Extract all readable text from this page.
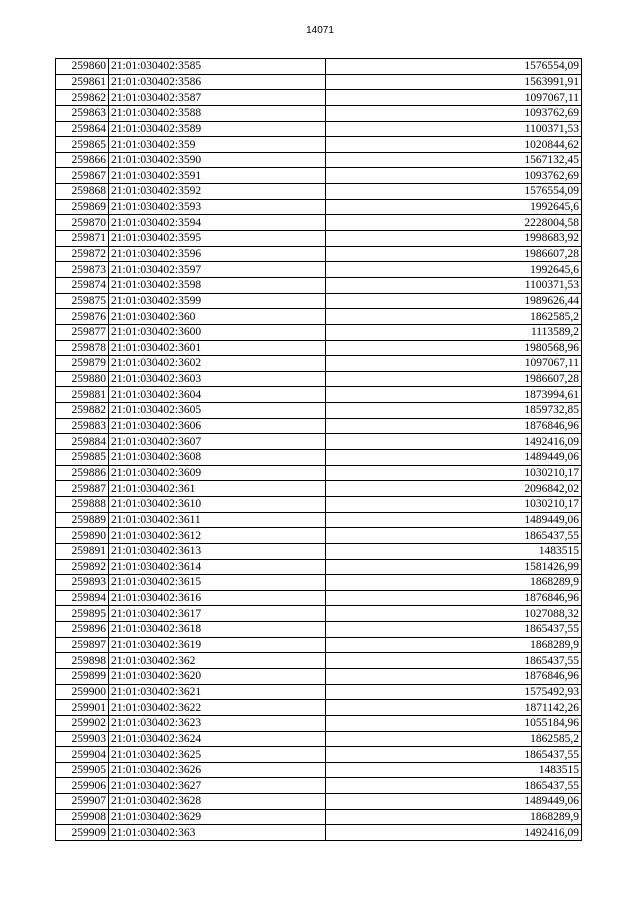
14071
259860	21:01:030402:3585	1576554,09
259861	21:01:030402:3586	1563991,91
259862	21:01:030402:3587	1097067,11
259863	21:01:030402:3588	1093762,69
259864	21:01:030402:3589	1100371,53
259865	21:01:030402:359	1020844,62
259866	21:01:030402:3590	1567132,45
259867	21:01:030402:3591	1093762,69
259868	21:01:030402:3592	1576554,09
259869	21:01:030402:3593	1992645,6
259870	21:01:030402:3594	2228004,58
259871	21:01:030402:3595	1998683,92
259872	21:01:030402:3596	1986607,28
259873	21:01:030402:3597	1992645,6
259874	21:01:030402:3598	1100371,53
259875	21:01:030402:3599	1989626,44
259876	21:01:030402:360	1862585,2
259877	21:01:030402:3600	1113589,2
259878	21:01:030402:3601	1980568,96
259879	21:01:030402:3602	1097067,11
259880	21:01:030402:3603	1986607,28
259881	21:01:030402:3604	1873994,61
259882	21:01:030402:3605	1859732,85
259883	21:01:030402:3606	1876846,96
259884	21:01:030402:3607	1492416,09
259885	21:01:030402:3608	1489449,06
259886	21:01:030402:3609	1030210,17
259887	21:01:030402:361	2096842,02
259888	21:01:030402:3610	1030210,17
259889	21:01:030402:3611	1489449,06
259890	21:01:030402:3612	1865437,55
259891	21:01:030402:3613	1483515
259892	21:01:030402:3614	1581426,99
259893	21:01:030402:3615	1868289,9
259894	21:01:030402:3616	1876846,96
259895	21:01:030402:3617	1027088,32
259896	21:01:030402:3618	1865437,55
259897	21:01:030402:3619	1868289,9
259898	21:01:030402:362	1865437,55
259899	21:01:030402:3620	1876846,96
259900	21:01:030402:3621	1575492,93
259901	21:01:030402:3622	1871142,26
259902	21:01:030402:3623	1055184,96
259903	21:01:030402:3624	1862585,2
259904	21:01:030402:3625	1865437,55
259905	21:01:030402:3626	1483515
259906	21:01:030402:3627	1865437,55
259907	21:01:030402:3628	1489449,06
259908	21:01:030402:3629	1868289,9
259909	21:01:030402:363	1492416,09
